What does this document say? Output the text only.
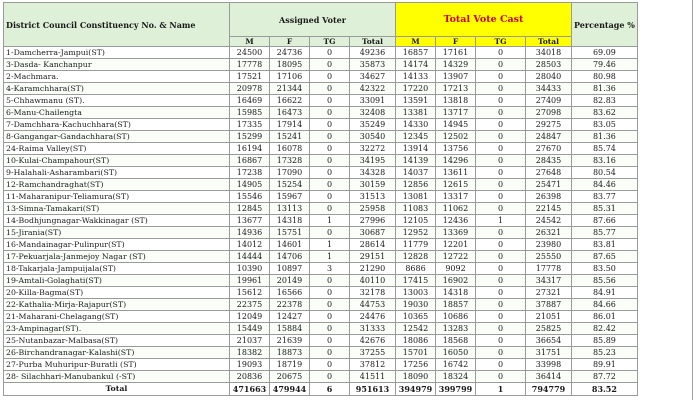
District Council Constituency No. & Name	Assigned Voter				Total Vote Cast				Percentage %
	M	F	TG	Total	M	F	TG	Total	
1-Damcherra-Jampui(ST)	24500	24736	0	49236	16857	17161	0	34018	69.09
3-Dasda- Kanchanpur	17778	18095	0	35873	14174	14329	0	28503	79.46
2-Machmara.	17521	17106	0	34627	14133	13907	0	28040	80.98
4-Karamchhara(ST)	20978	21344	0	42322	17220	17213	0	34433	81.36
5-Chhawmanu (ST).	16469	16622	0	33091	13591	13818	0	27409	82.83
6-Manu-Chailengta	15985	16473	0	32408	13381	13717	0	27098	83.62
7-Damchhara-Kachuchhara(ST)	17335	17914	0	35249	14330	14945	0	29275	83.05
8-Gangangar-Gandachhara(ST)	15299	15241	0	30540	12345	12502	0	24847	81.36
24-Raima Valley(ST)	16194	16078	0	32272	13914	13756	0	27670	85.74
10-Kulai-Champahour(ST)	16867	17328	0	34195	14139	14296	0	28435	83.16
9-Halahali-Asharambari(ST)	17238	17090	0	34328	14037	13611	0	27648	80.54
12-Ramchandraghat(ST)	14905	15254	0	30159	12856	12615	0	25471	84.46
11-Maharanipur-Teliamura(ST)	15546	15967	0	31513	13081	13317	0	26398	83.77
13-Simna-Tamakari(ST)	12845	13113	0	25958	11083	11062	0	22145	85.31
14-Bodhjungnagar-Wakkinagar (ST)	13677	14318	1	27996	12105	12436	1	24542	87.66
15-Jirania(ST)	14936	15751	0	30687	12952	13369	0	26321	85.77
16-Mandainagar-Pulinpur(ST)	14012	14601	1	28614	11779	12201	0	23980	83.81
17-Pekuarjala-Janmejoy Nagar (ST)	14444	14706	1	29151	12828	12722	0	25550	87.65
18-Takarjala-Jampuijala(ST)	10390	10897	3	21290	8686	9092	0	17778	83.50
19-Amtali-Golaghati(ST)	19961	20149	0	40110	17415	16902	0	34317	85.56
20-Killa-Bagma(ST)	15612	16566	0	32178	13003	14318	0	27321	84.91
22-Kathalia-Mirja-Rajapur(ST)	22375	22378	0	44753	19030	18857	0	37887	84.66
21-Maharani-Chelagang(ST)	12049	12427	0	24476	10365	10686	0	21051	86.01
23-Ampinagar(ST).	15449	15884	0	31333	12542	13283	0	25825	82.42
25-Nutanbazar-Malbasa(ST)	21037	21639	0	42676	18086	18568	0	36654	85.89
26-Birchandranagar-Kalashi(ST)	18382	18873	0	37255	15701	16050	0	31751	85.23
27-Purba Muhuripur-Buratli (ST)	19093	18719	0	37812	17256	16742	0	33998	89.91
28- Silachhari-Manubankul (-ST)	20836	20675	0	41511	18090	18324	0	36414	87.72
Total	471663	479944	6	951613	394979	399799	1	794779	83.52
